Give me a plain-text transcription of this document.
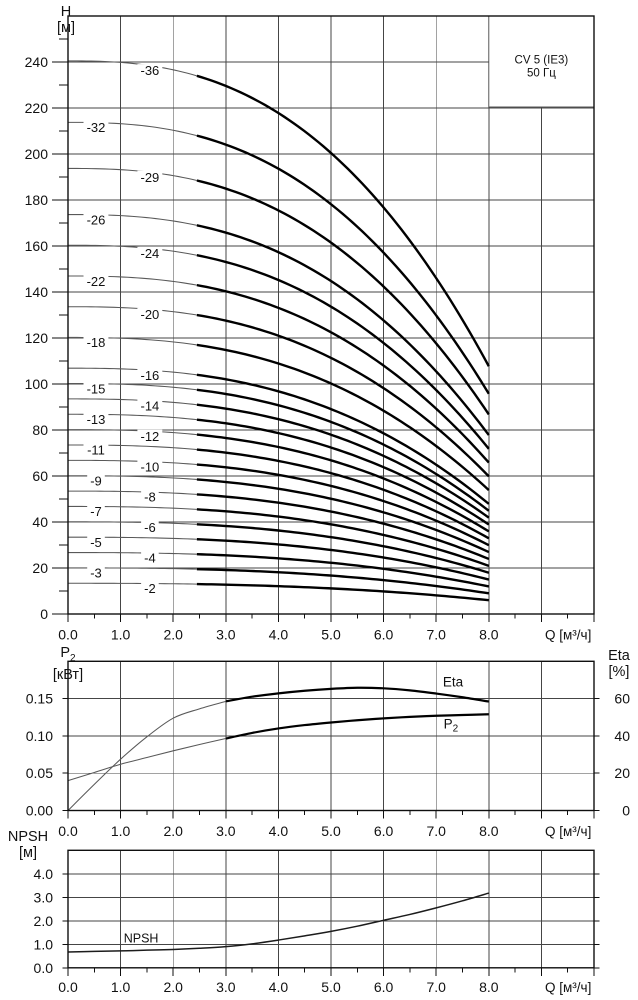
0
20
40
60
80
100
120
140
160
180
200
220
240
0.0 1.0 2.0 3.0 4.0 5.0 6.0 7.0 8.0	Q [м³/ч]
CV 5 (IE3)
50 Гц
-36
-32
-29
-26
-24
-22
-20
-18
-16
-15
-14
-13
-12
-11
-10
-9
-8
-7
-6
-5
-4
-3
-2
0.00
0.05
0.10
0.15
0
20
40
60
0.0 1.0 2.0 3.0 4.0 5.0 6.0 7.0 8.0	Q [м³/ч]
Eta
$P_2$
0.0
1.0
2.0
3.0
4.0
0.0 1.0 2.0 3.0 4.0 5.0 6.0 7.0 8.0	Q [м³/ч]
NPSH
H
[м]
$P_2$
[кВт]
Eta
[%]
NPSH
[м]
